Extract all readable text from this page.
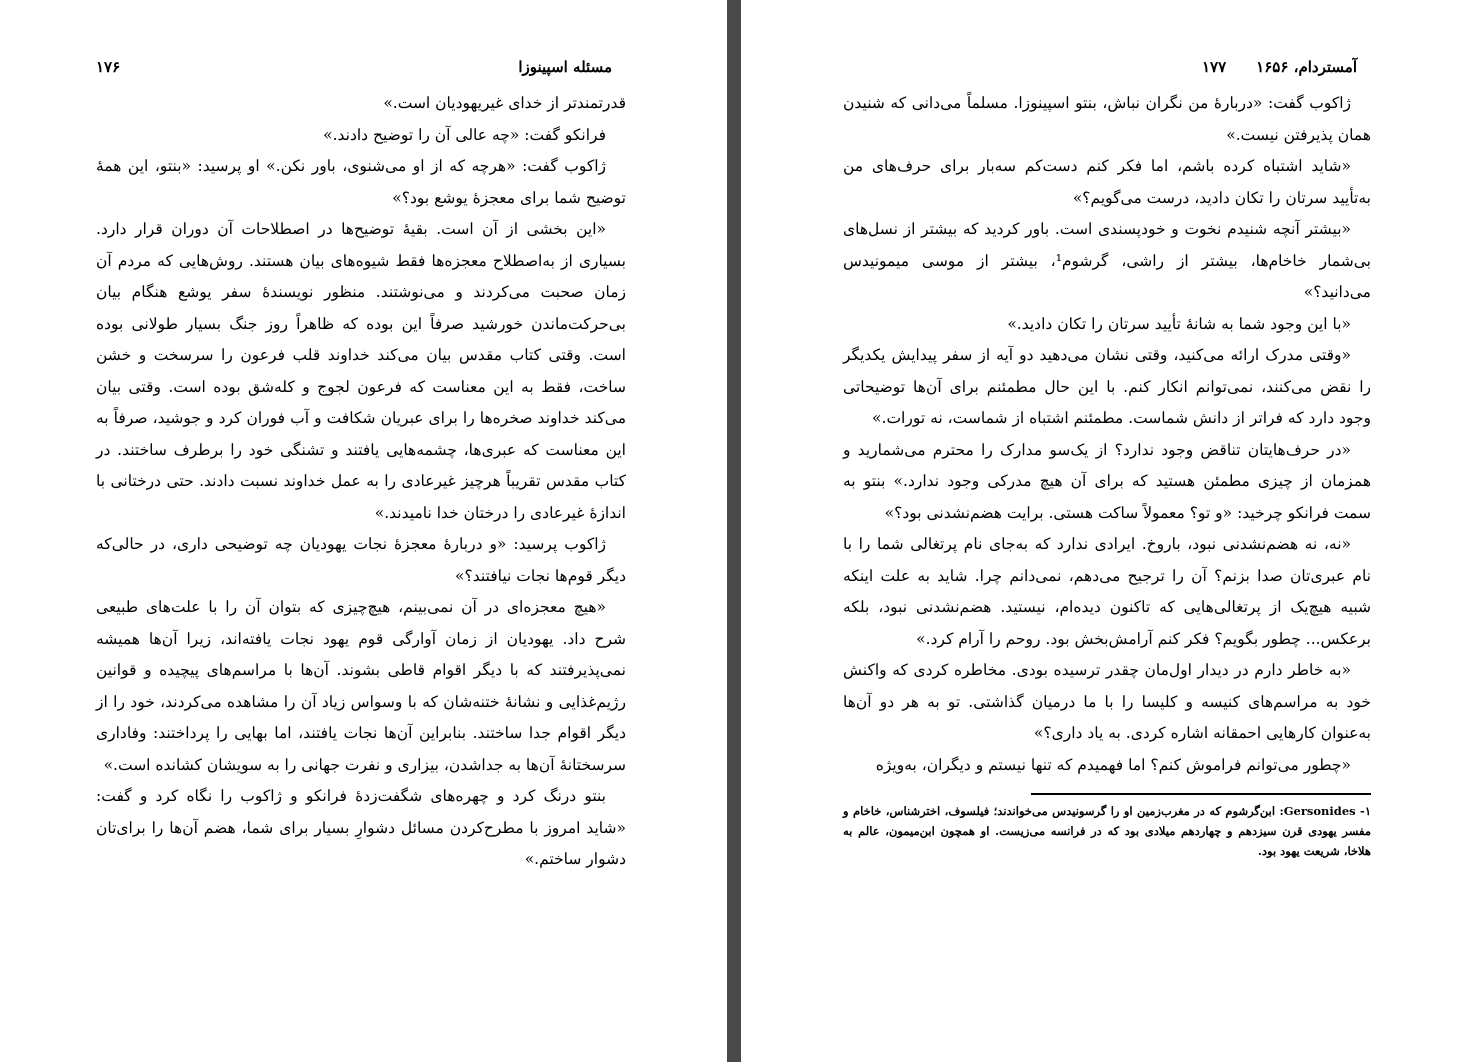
مسئله اسپینوزا
۱۷۶

قدرتمندتر از خدای غیریهودیان است.»

فرانکو گفت: «چه عالی آن را توضیح دادند.»

ژاکوب گفت: «هرچه که از او می‌شنوی، باور نکن.» او پرسید: «بنتو، این همهٔ توضیح شما برای معجزهٔ یوشع بود؟»

«این بخشی از آن است. بقیهٔ توضیح‌ها در اصطلاحات آن دوران قرار دارد. بسیاری از به‌اصطلاح معجزه‌ها فقط شیوه‌های بیان هستند. روش‌هایی که مردم آن زمان صحبت می‌کردند و می‌نوشتند. منظور نویسندهٔ سفر یوشع هنگام بیان بی‌حرکت‌ماندن خورشید صرفاً این بوده که ظاهراً روز جنگ بسیار طولانی بوده است. وقتی کتاب مقدس بیان می‌کند خداوند قلب فرعون را سرسخت و خشن ساخت، فقط به این معناست که فرعون لجوج و کله‌شق بوده است. وقتی بیان می‌کند خداوند صخره‌ها را برای عبریان شکافت و آب فوران کرد و جوشید، صرفاً به این معناست که عبری‌ها، چشمه‌هایی یافتند و تشنگی خود را برطرف ساختند. در کتاب مقدس تقریباً هرچیز غیرعادی را به عمل خداوند نسبت دادند. حتی درختانی با اندازهٔ غیرعادی را درختان خدا نامیدند.»

ژاکوب پرسید: «و دربارهٔ معجزهٔ نجات یهودیان چه توضیحی داری، در حالی‌که دیگر قوم‌ها نجات نیافتند؟»

«هیچ معجزه‌ای در آن نمی‌بینم، هیچ‌چیزی که بتوان آن را با علت‌های طبیعی شرح داد. یهودیان از زمان آوارگی قوم یهود نجات یافته‌اند، زیرا آن‌ها همیشه نمی‌پذیرفتند که با دیگر اقوام قاطی بشوند. آن‌ها با مراسم‌های پیچیده و قوانین رژیم‌غذایی و نشانهٔ ختنه‌شان که با وسواس زیاد آن را مشاهده می‌کردند، خود را از دیگر اقوام جدا ساختند. بنابراین آن‌ها نجات یافتند، اما بهایی را پرداختند: وفاداری سرسختانهٔ آن‌ها به جداشدن، بیزاری و نفرت جهانی را به سویشان کشانده است.»

بنتو درنگ کرد و چهره‌های شگفت‌زدهٔ فرانکو و ژاکوب را نگاه کرد و گفت: «شاید امروز با مطرح‌کردن مسائل دشوارِ بسیار برای شما، هضم آن‌ها را برای‌تان دشوار ساختم.»

آمستردام، ۱۶۵۶
۱۷۷

ژاکوب گفت: «دربارهٔ من نگران نباش، بنتو اسپینوزا. مسلماً می‌دانی که شنیدن همان پذیرفتن نیست.»

«شاید اشتباه کرده باشم، اما فکر کنم دست‌کم سه‌بار برای حرف‌های من به‌تأیید سرتان را تکان دادید، درست می‌گویم؟»

«بیشتر آنچه شنیدم نخوت و خودپسندی است. باور کردید که بیشتر از نسل‌های بی‌شمار خاخام‌ها، بیشتر از راشی، گرشوم¹، بیشتر از موسی میمونیدس می‌دانید؟»

«با این وجود شما به شانهٔ تأیید سرتان را تکان دادید.»

«وقتی مدرک ارائه می‌کنید، وقتی نشان می‌دهید دو آیه از سفر پیدایش یکدیگر را نقض می‌کنند، نمی‌توانم انکار کنم. با این حال مطمئنم برای آن‌ها توضیحاتی وجود دارد که فراتر از دانش شماست. مطمئنم اشتباه از شماست، نه تورات.»

«در حرف‌هایتان تناقض وجود ندارد؟ از یک‌سو مدارک را محترم می‌شمارید و همزمان از چیزی مطمئن هستید که برای آن هیچ مدرکی وجود ندارد.» بنتو به سمت فرانکو چرخید: «و تو؟ معمولاً ساکت هستی. برایت هضم‌نشدنی بود؟»

«نه، نه هضم‌نشدنی نبود، باروخ. ایرادی ندارد که به‌جای نام پرتغالی شما را با نام عبری‌تان صدا بزنم؟ آن را ترجیح می‌دهم، نمی‌دانم چرا. شاید به علت اینکه شبیه هیچ‌یک از پرتغالی‌هایی که تاکنون دیده‌ام، نیستید. هضم‌نشدنی نبود، بلکه برعکس... چطور بگویم؟ فکر کنم آرامش‌بخش بود. روحم را آرام کرد.»

«به خاطر دارم در دیدار اول‌مان چقدر ترسیده بودی. مخاطره کردی که واکنش خود به مراسم‌های کنیسه و کلیسا را با ما درمیان گذاشتی. تو به هر دو آن‌ها به‌عنوان کارهایی احمقانه اشاره کردی. به یاد داری؟»

«چطور می‌توانم فراموش کنم؟ اما فهمیدم که تنها نیستم و دیگران، به‌ویژه

۱- Gersonides: ابن‌گرشوم که در مغرب‌زمین او را گرسونیدس می‌خواندند؛ فیلسوف، اخترشناس، خاخام و مفسر یهودی قرن سیزدهم و چهاردهم میلادی بود که در فرانسه می‌زیست. او همچون ابن‌میمون، عالم به هلاخا، شریعت یهود بود.
